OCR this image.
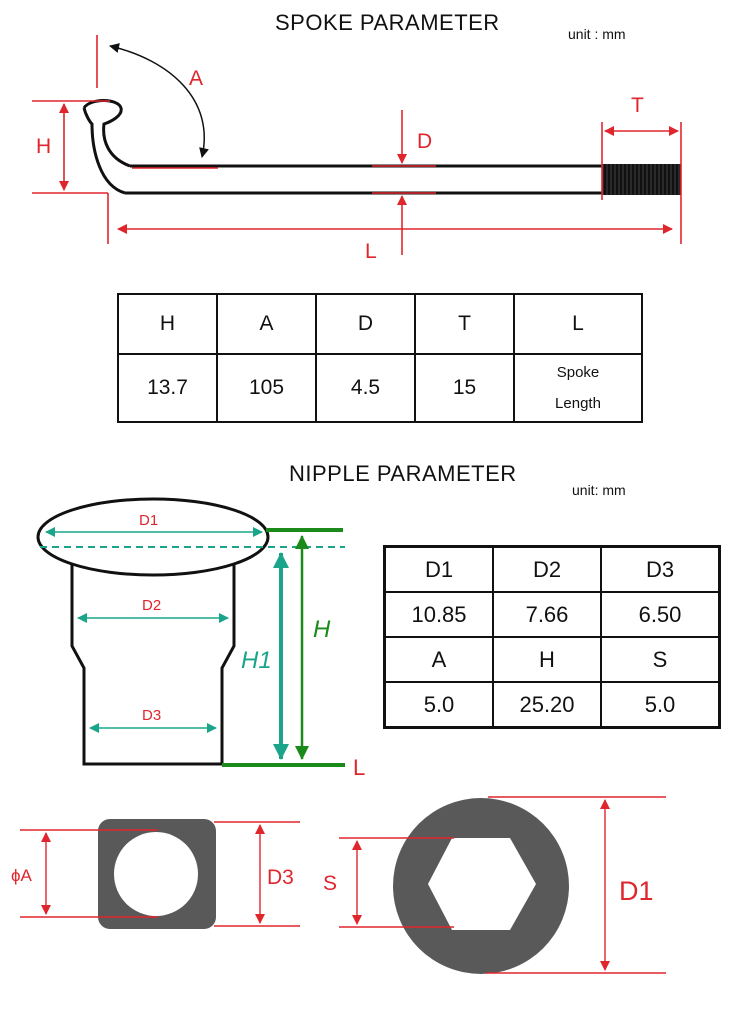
SPOKE PARAMETER	unit : mm
NIPPLE PARAMETER
unit: mm
A
H	D
T
L
D1
D2
D3
H
H1
L
ϕA	D3 S	D1
H	A	D	T	L
13.7	105	4.5	15	Spoke
Length
D1	D2	D3
10.85	7.66	6.50
A	H	S
5.0	25.20	5.0
